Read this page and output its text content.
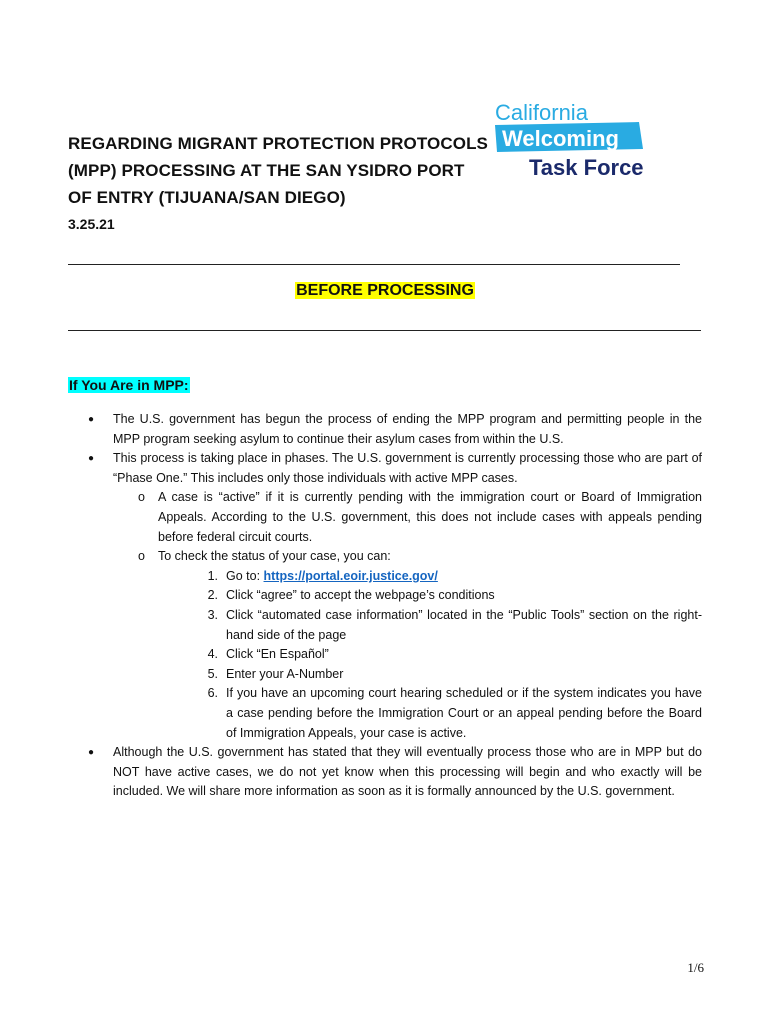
REGARDING MIGRANT PROTECTION PROTOCOLS (MPP) PROCESSING AT THE SAN YSIDRO PORT OF ENTRY (TIJUANA/SAN DIEGO)
3.25.21
California
Welcoming
Task Force
BEFORE PROCESSING
If You Are in MPP:

● The U.S. government has begun the process of ending the MPP program and permitting people in the MPP program seeking asylum to continue their asylum cases from within the U.S.

● This process is taking place in phases. The U.S. government is currently processing those who are part of “Phase One.” This includes only those individuals with active MPP cases.

o A case is “active” if it is currently pending with the immigration court or Board of Immigration Appeals. According to the U.S. government, this does not include cases with appeals pending before federal circuit courts.

o To check the status of your case, you can:

1. Go to: https://portal.eoir.justice.gov/

2. Click “agree” to accept the webpage’s conditions

3. Click “automated case information” located in the “Public Tools” section on the right-hand side of the page

4. Click “En Español”

5. Enter your A-Number

6. If you have an upcoming court hearing scheduled or if the system indicates you have a case pending before the Immigration Court or an appeal pending before the Board of Immigration Appeals, your case is active.

● Although the U.S. government has stated that they will eventually process those who are in MPP but do NOT have active cases, we do not yet know when this processing will begin and who exactly will be included. We will share more information as soon as it is formally announced by the U.S. government.

1/6
